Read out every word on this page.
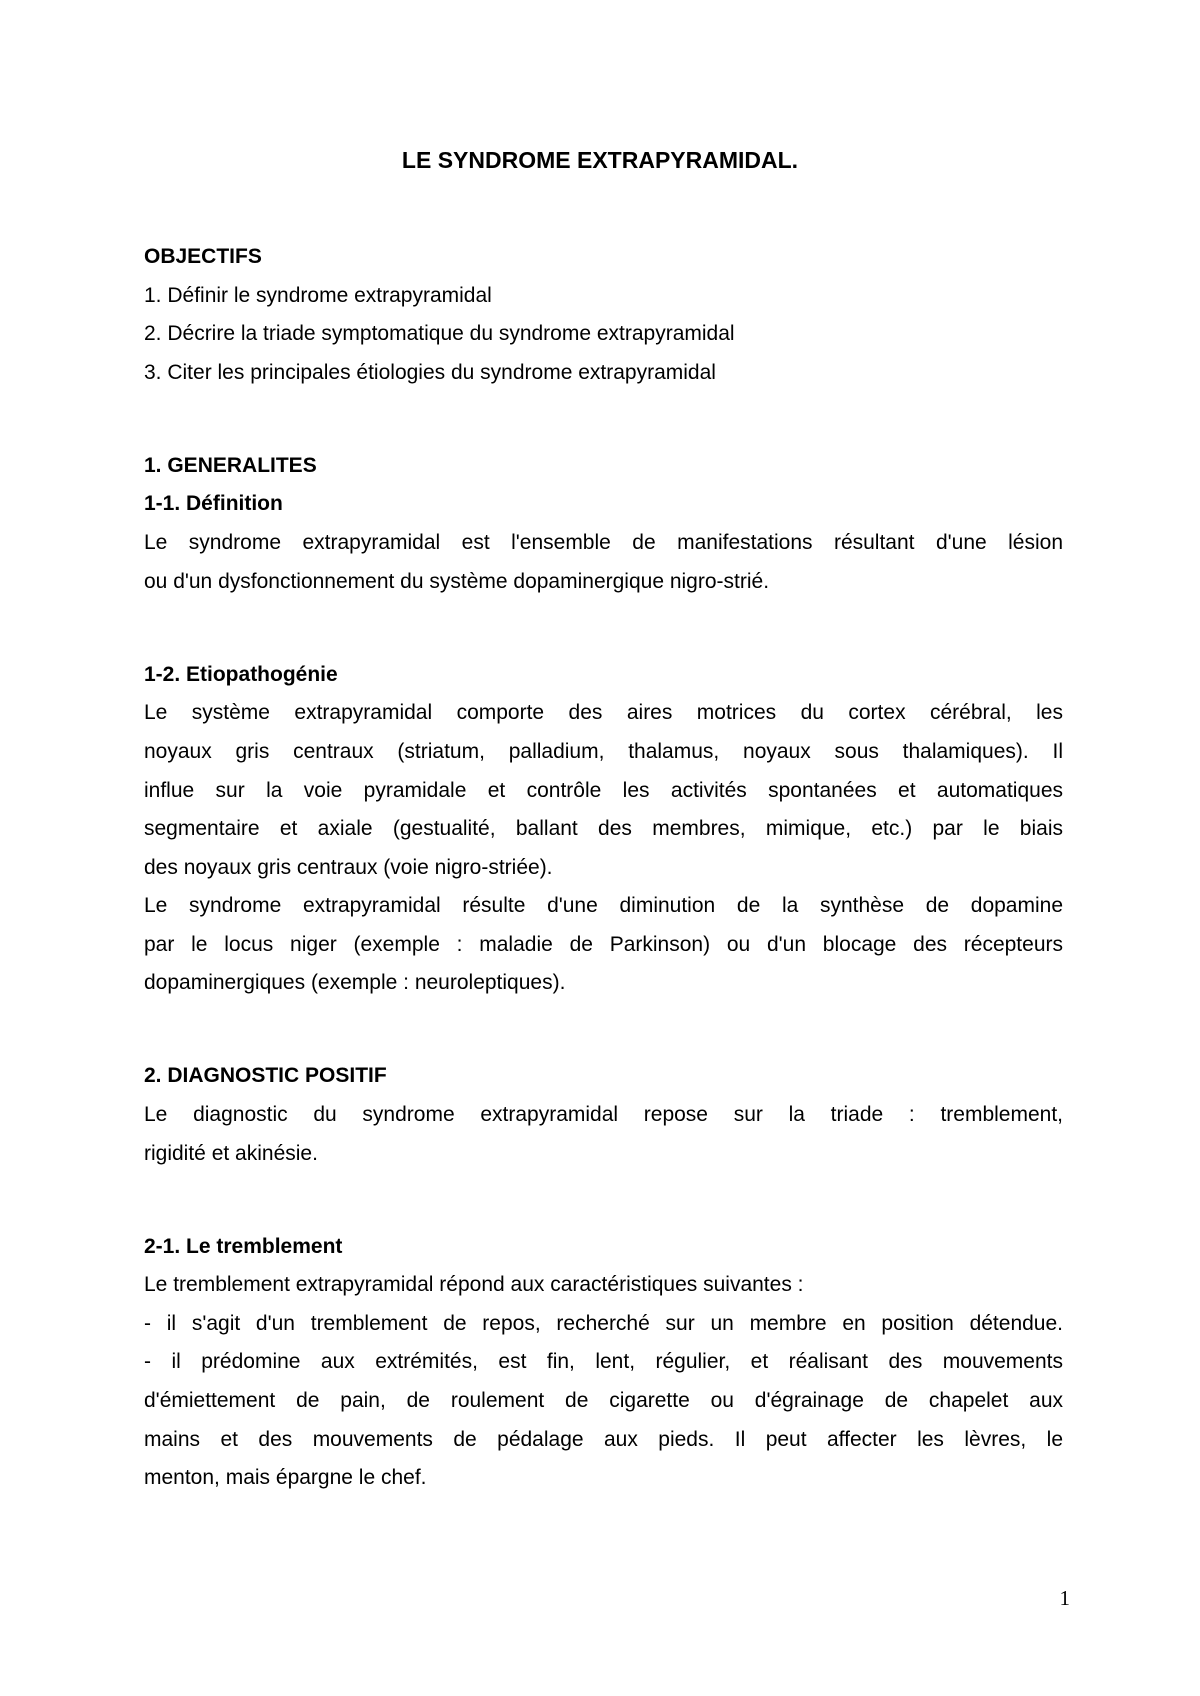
LE SYNDROME EXTRAPYRAMIDAL.
OBJECTIFS
1. Définir le syndrome extrapyramidal
2. Décrire la triade symptomatique du syndrome extrapyramidal
3. Citer les principales étiologies du syndrome extrapyramidal
1. GENERALITES
1-1. Définition
Le syndrome extrapyramidal est l'ensemble de manifestations résultant d'une lésion
ou d'un dysfonctionnement du système dopaminergique nigro-strié.
1-2. Etiopathogénie
Le système extrapyramidal comporte des aires motrices du cortex cérébral, les
noyaux gris centraux (striatum, palladium, thalamus, noyaux sous thalamiques). Il
influe sur la voie pyramidale et contrôle les activités spontanées et automatiques
segmentaire et axiale (gestualité, ballant des membres, mimique, etc.) par le biais
des noyaux gris centraux (voie nigro-striée).
Le syndrome extrapyramidal résulte d'une diminution de la synthèse de dopamine
par le locus niger (exemple : maladie de Parkinson) ou d'un blocage des récepteurs
dopaminergiques (exemple : neuroleptiques).
2. DIAGNOSTIC POSITIF
Le diagnostic du syndrome extrapyramidal repose sur la triade : tremblement,
rigidité et akinésie.
2-1. Le tremblement
Le tremblement extrapyramidal répond aux caractéristiques suivantes :
- il s'agit d'un tremblement de repos, recherché sur un membre en position détendue.
- il prédomine aux extrémités, est fin, lent, régulier, et réalisant des mouvements
d'émiettement de pain, de roulement de cigarette ou d'égrainage de chapelet aux
mains et des mouvements de pédalage aux pieds. Il peut affecter les lèvres, le
menton, mais épargne le chef.
1
